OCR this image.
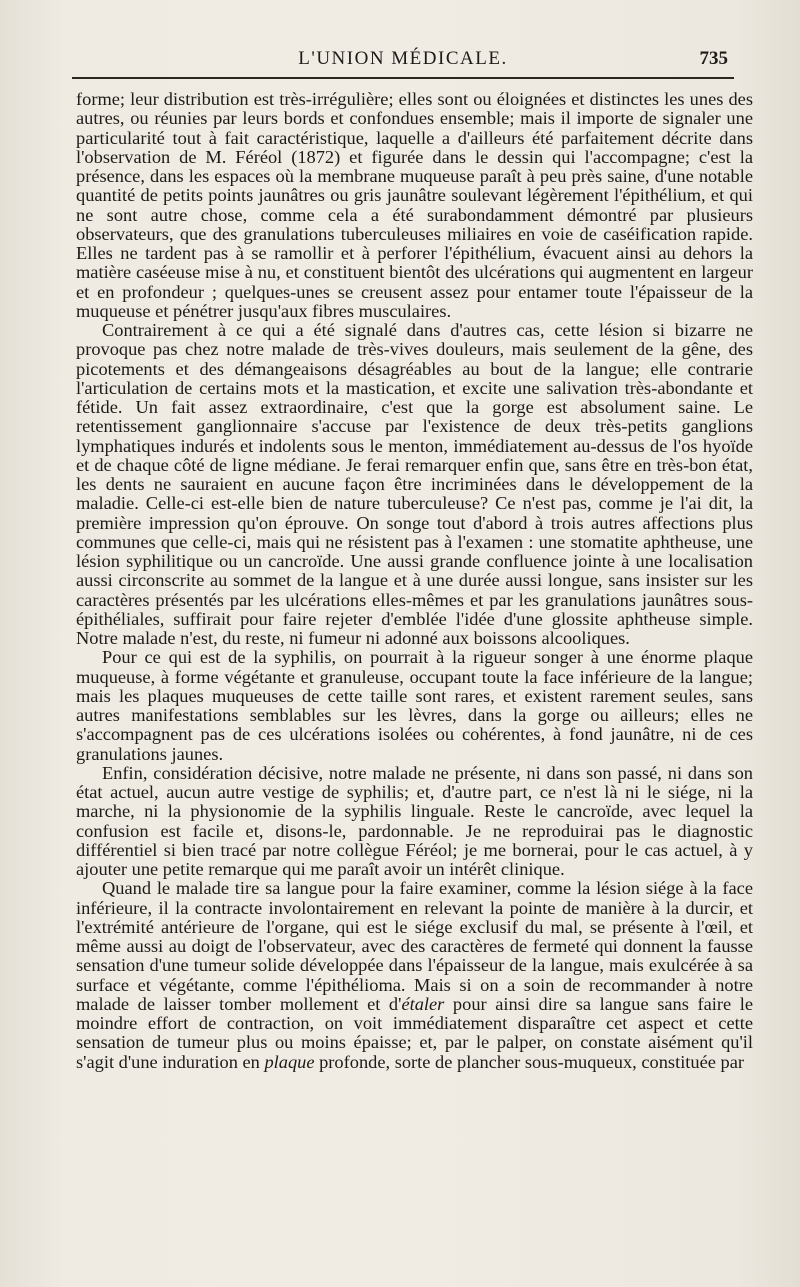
L'UNION MÉDICALE.	735

forme; leur distribution est très-irrégulière; elles sont ou éloignées et distinctes les unes des autres, ou réunies par leurs bords et confondues ensemble; mais il importe de signaler une particularité tout à fait caractéristique, laquelle a d'ailleurs été parfaitement décrite dans l'observation de M. Féréol (1872) et figurée dans le dessin qui l'accompagne; c'est la présence, dans les espaces où la membrane muqueuse paraît à peu près saine, d'une notable quantité de petits points jaunâtres ou gris jaunâtre soulevant légèrement l'épithélium, et qui ne sont autre chose, comme cela a été surabondamment démontré par plusieurs observateurs, que des granulations tuberculeuses miliaires en voie de caséification rapide. Elles ne tardent pas à se ramollir et à perforer l'épithélium, évacuent ainsi au dehors la matière caséeuse mise à nu, et constituent bientôt des ulcérations qui augmentent en largeur et en profondeur ; quelques-unes se creusent assez pour entamer toute l'épaisseur de la muqueuse et pénétrer jusqu'aux fibres musculaires.

Contrairement à ce qui a été signalé dans d'autres cas, cette lésion si bizarre ne provoque pas chez notre malade de très-vives douleurs, mais seulement de la gêne, des picotements et des démangeaisons désagréables au bout de la langue; elle contrarie l'articulation de certains mots et la mastication, et excite une salivation très-abondante et fétide. Un fait assez extraordinaire, c'est que la gorge est absolument saine. Le retentissement ganglionnaire s'accuse par l'existence de deux très-petits ganglions lymphatiques indurés et indolents sous le menton, immédiatement au-dessus de l'os hyoïde et de chaque côté de ligne médiane. Je ferai remarquer enfin que, sans être en très-bon état, les dents ne sauraient en aucune façon être incriminées dans le développement de la maladie. Celle-ci est-elle bien de nature tuberculeuse? Ce n'est pas, comme je l'ai dit, la première impression qu'on éprouve. On songe tout d'abord à trois autres affections plus communes que celle-ci, mais qui ne résistent pas à l'examen : une stomatite aphtheuse, une lésion syphilitique ou un cancroïde. Une aussi grande confluence jointe à une localisation aussi circonscrite au sommet de la langue et à une durée aussi longue, sans insister sur les caractères présentés par les ulcérations elles-mêmes et par les granulations jaunâtres sous-épithéliales, suffirait pour faire rejeter d'emblée l'idée d'une glossite aphtheuse simple. Notre malade n'est, du reste, ni fumeur ni adonné aux boissons alcooliques.

Pour ce qui est de la syphilis, on pourrait à la rigueur songer à une énorme plaque muqueuse, à forme végétante et granuleuse, occupant toute la face inférieure de la langue; mais les plaques muqueuses de cette taille sont rares, et existent rarement seules, sans autres manifestations semblables sur les lèvres, dans la gorge ou ailleurs; elles ne s'accompagnent pas de ces ulcérations isolées ou cohérentes, à fond jaunâtre, ni de ces granulations jaunes.

Enfin, considération décisive, notre malade ne présente, ni dans son passé, ni dans son état actuel, aucun autre vestige de syphilis; et, d'autre part, ce n'est là ni le siége, ni la marche, ni la physionomie de la syphilis linguale. Reste le cancroïde, avec lequel la confusion est facile et, disons-le, pardonnable. Je ne reproduirai pas le diagnostic différentiel si bien tracé par notre collègue Féréol; je me bornerai, pour le cas actuel, à y ajouter une petite remarque qui me paraît avoir un intérêt clinique.

Quand le malade tire sa langue pour la faire examiner, comme la lésion siége à la face inférieure, il la contracte involontairement en relevant la pointe de manière à la durcir, et l'extrémité antérieure de l'organe, qui est le siége exclusif du mal, se présente à l'œil, et même aussi au doigt de l'observateur, avec des caractères de fermeté qui donnent la fausse sensation d'une tumeur solide développée dans l'épaisseur de la langue, mais exulcérée à sa surface et végétante, comme l'épithélioma. Mais si on a soin de recommander à notre malade de laisser tomber mollement et d'étaler pour ainsi dire sa langue sans faire le moindre effort de contraction, on voit immédiatement disparaître cet aspect et cette sensation de tumeur plus ou moins épaisse; et, par le palper, on constate aisément qu'il s'agit d'une induration en plaque profonde, sorte de plancher sous-muqueux, constituée par
